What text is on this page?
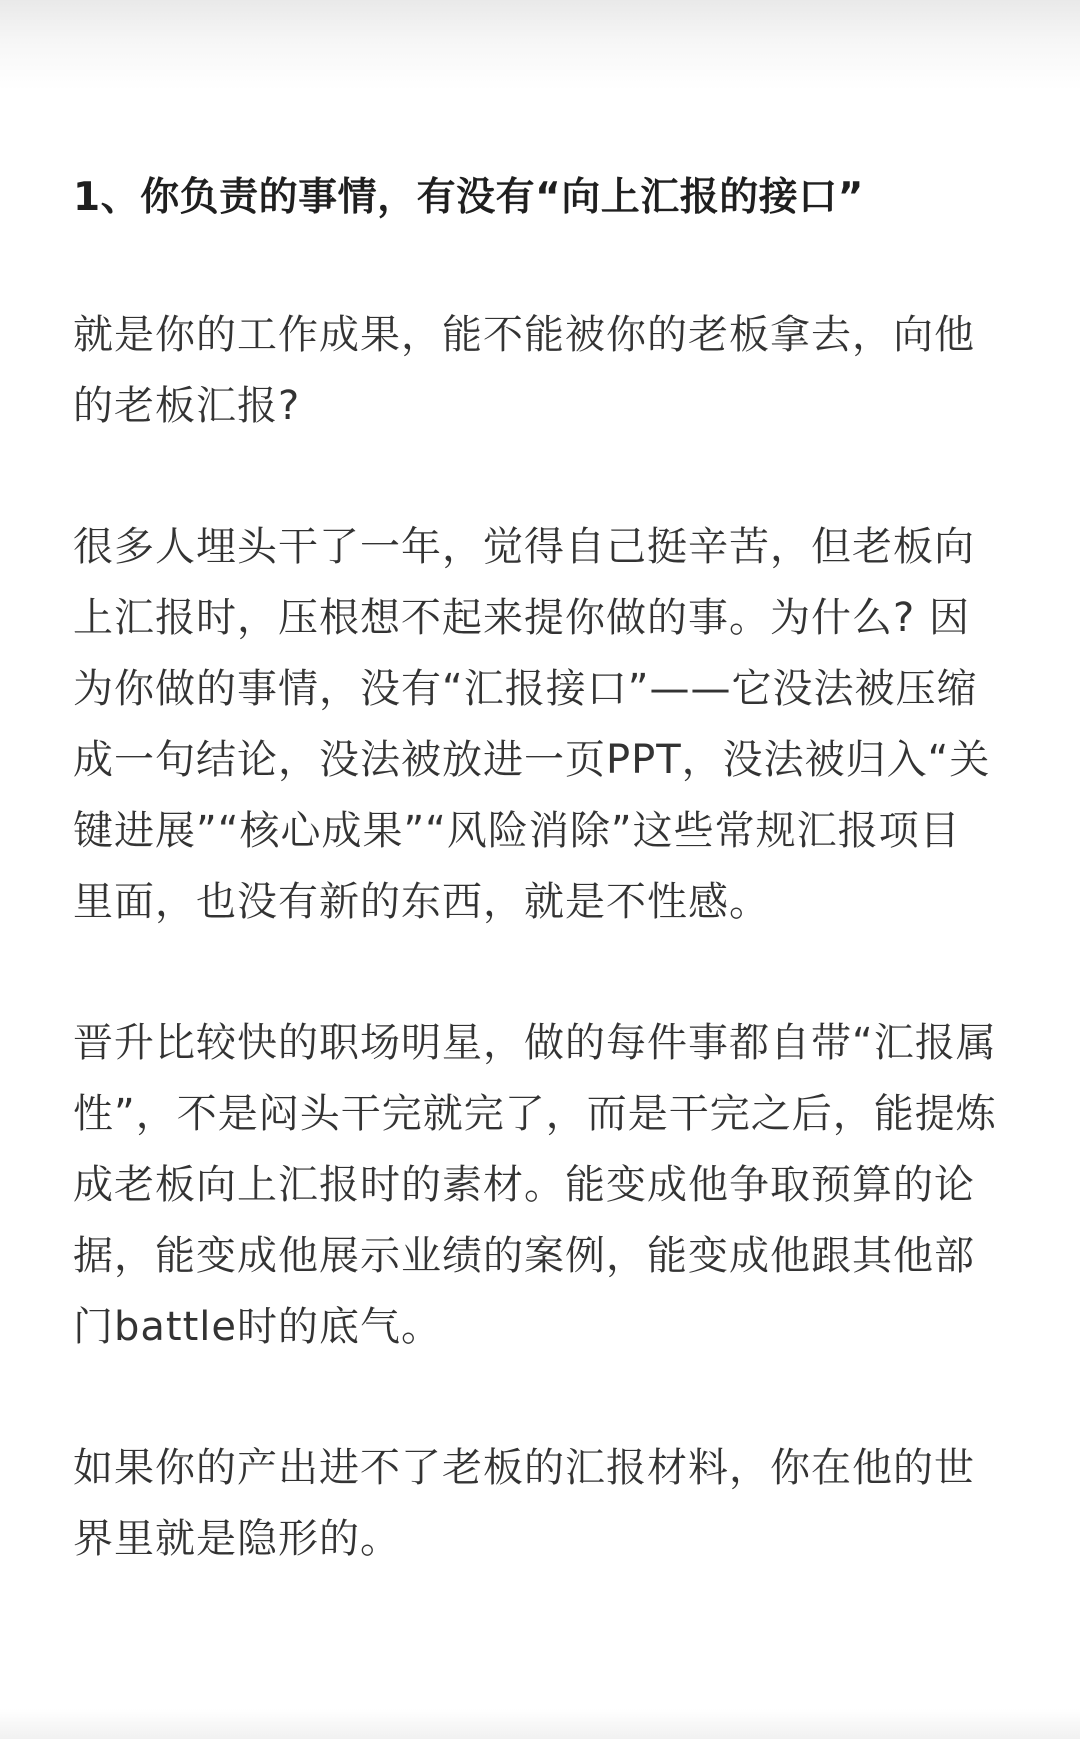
1、你负责的事情，有没有“向上汇报的接口”

就是你的工作成果，能不能被你的老板拿去，向他的老板汇报?

很多人埋头干了一年，觉得自己挺辛苦，但老板向上汇报时，压根想不起来提你做的事。为什么? 因为你做的事情，没有“汇报接口”——它没法被压缩成一句结论，没法被放进一页PPT，没法被归入“关键进展”“核心成果”“风险消除”这些常规汇报项目里面，也没有新的东西，就是不性感。

晋升比较快的职场明星，做的每件事都自带“汇报属性”，不是闷头干完就完了，而是干完之后，能提炼成老板向上汇报时的素材。能变成他争取预算的论据，能变成他展示业绩的案例，能变成他跟其他部门battle时的底气。

如果你的产出进不了老板的汇报材料，你在他的世界里就是隐形的。
